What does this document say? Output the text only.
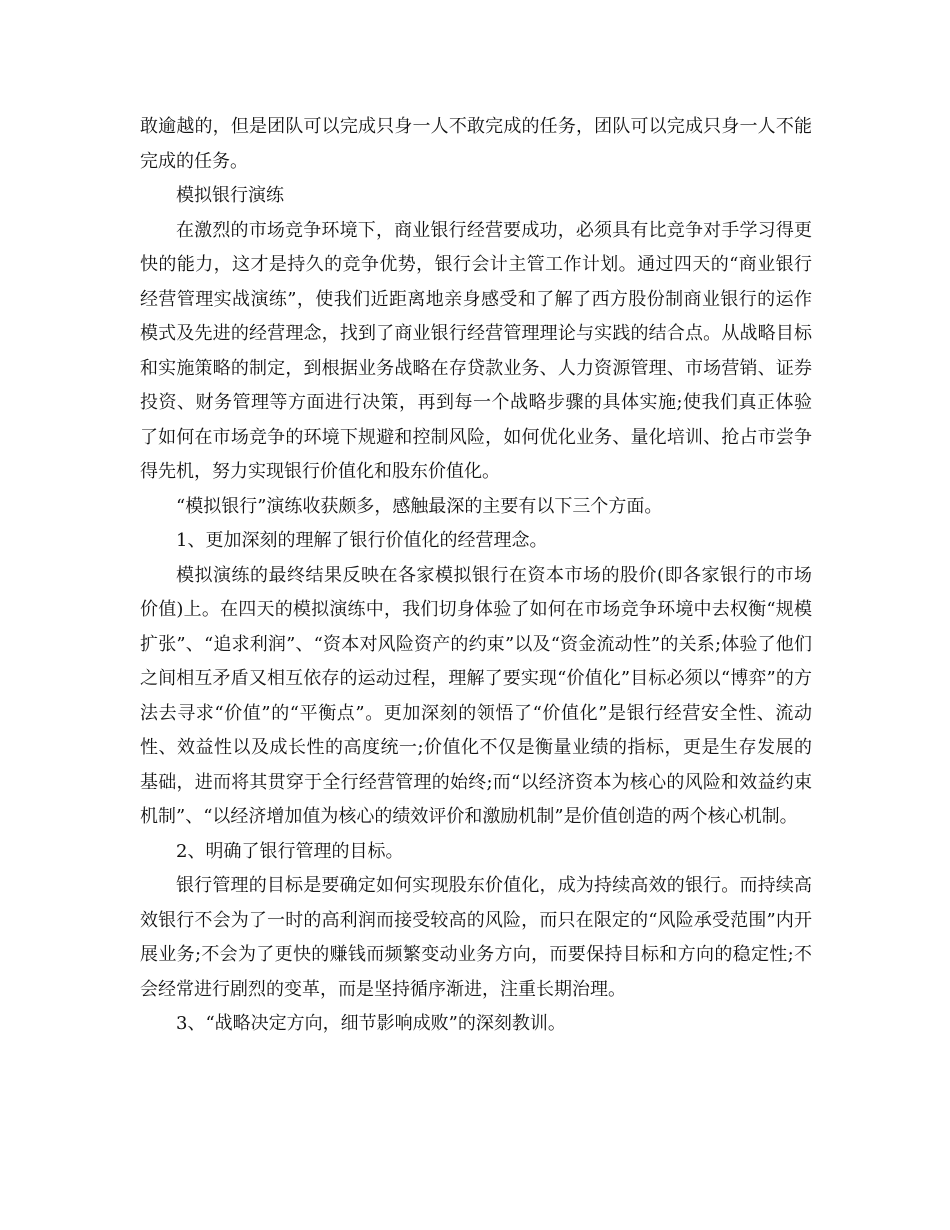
敢逾越的，但是团队可以完成只身一人不敢完成的任务，团队可以完成只身一人不能完成的任务。

模拟银行演练

在激烈的市场竞争环境下，商业银行经营要成功，必须具有比竞争对手学习得更快的能力，这才是持久的竞争优势，银行会计主管工作计划。通过四天的“商业银行经营管理实战演练”，使我们近距离地亲身感受和了解了西方股份制商业银行的运作模式及先进的经营理念，找到了商业银行经营管理理论与实践的结合点。从战略目标和实施策略的制定，到根据业务战略在存贷款业务、人力资源管理、市场营销、证券投资、财务管理等方面进行决策，再到每一个战略步骤的具体实施;使我们真正体验了如何在市场竞争的环境下规避和控制风险，如何优化业务、量化培训、抢占市尝争得先机，努力实现银行价值化和股东价值化。

“模拟银行”演练收获颇多，感触最深的主要有以下三个方面。

1、更加深刻的理解了银行价值化的经营理念。

模拟演练的最终结果反映在各家模拟银行在资本市场的股价(即各家银行的市场价值)上。在四天的模拟演练中，我们切身体验了如何在市场竞争环境中去权衡“规模扩张”、“追求利润”、“资本对风险资产的约束”以及“资金流动性”的关系;体验了他们之间相互矛盾又相互依存的运动过程，理解了要实现“价值化”目标必须以“博弈”的方法去寻求“价值”的“平衡点”。更加深刻的领悟了“价值化”是银行经营安全性、流动性、效益性以及成长性的高度统一;价值化不仅是衡量业绩的指标，更是生存发展的基础，进而将其贯穿于全行经营管理的始终;而“以经济资本为核心的风险和效益约束机制”、“以经济增加值为核心的绩效评价和激励机制”是价值创造的两个核心机制。

2、明确了银行管理的目标。

银行管理的目标是要确定如何实现股东价值化，成为持续高效的银行。而持续高效银行不会为了一时的高利润而接受较高的风险，而只在限定的“风险承受范围”内开展业务;不会为了更快的赚钱而频繁变动业务方向，而要保持目标和方向的稳定性;不会经常进行剧烈的变革，而是坚持循序渐进，注重长期治理。

3、“战略决定方向，细节影响成败”的深刻教训。
